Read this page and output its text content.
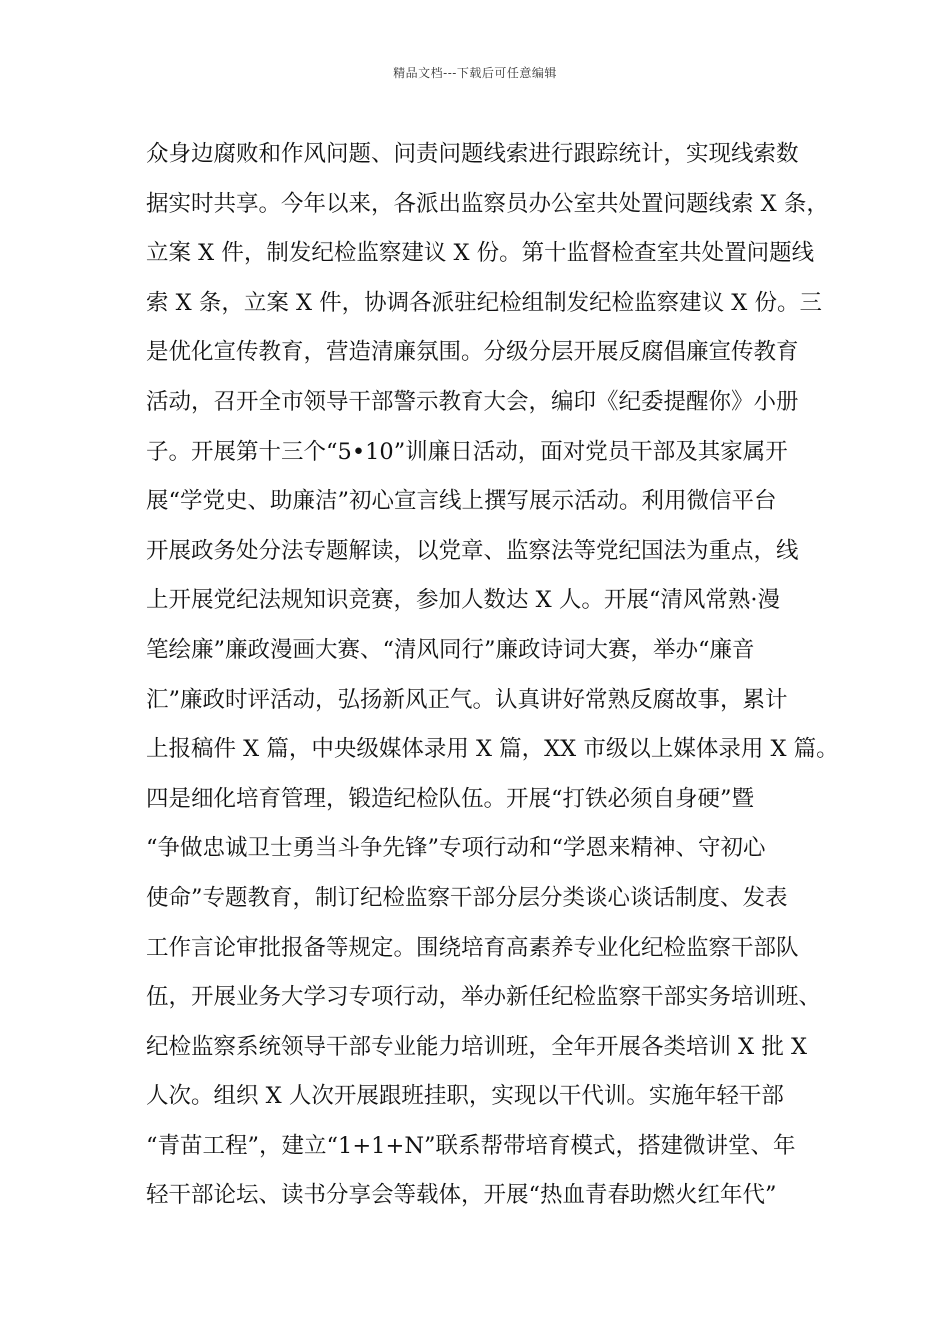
精品文档---下载后可任意编辑
众身边腐败和作风问题、问责问题线索进行跟踪统计，实现线索数
据实时共享。今年以来，各派出监察员办公室共处置问题线索 X 条，
立案 X 件，制发纪检监察建议 X 份。第十监督检查室共处置问题线
索 X 条，立案 X 件，协调各派驻纪检组制发纪检监察建议 X 份。三
是优化宣传教育，营造清廉氛围。分级分层开展反腐倡廉宣传教育
活动，召开全市领导干部警示教育大会，编印《纪委提醒你》小册
子。开展第十三个“5•10”训廉日活动，面对党员干部及其家属开
展“学党史、助廉洁”初心宣言线上撰写展示活动。利用微信平台
开展政务处分法专题解读，以党章、监察法等党纪国法为重点，线
上开展党纪法规知识竞赛，参加人数达 X 人。开展“清风常熟·漫
笔绘廉”廉政漫画大赛、“清风同行”廉政诗词大赛，举办“廉音
汇”廉政时评活动，弘扬新风正气。认真讲好常熟反腐故事，累计
上报稿件 X 篇，中央级媒体录用 X 篇，XX 市级以上媒体录用 X 篇。
四是细化培育管理，锻造纪检队伍。开展“打铁必须自身硬”暨
“争做忠诚卫士勇当斗争先锋”专项行动和“学恩来精神、守初心
使命”专题教育，制订纪检监察干部分层分类谈心谈话制度、发表
工作言论审批报备等规定。围绕培育高素养专业化纪检监察干部队
伍，开展业务大学习专项行动，举办新任纪检监察干部实务培训班、
纪检监察系统领导干部专业能力培训班，全年开展各类培训 X 批 X
人次。组织 X 人次开展跟班挂职，实现以干代训。实施年轻干部
“青苗工程”，建立“1+1+N”联系帮带培育模式，搭建微讲堂、年
轻干部论坛、读书分享会等载体，开展“热血青春助燃火红年代”
